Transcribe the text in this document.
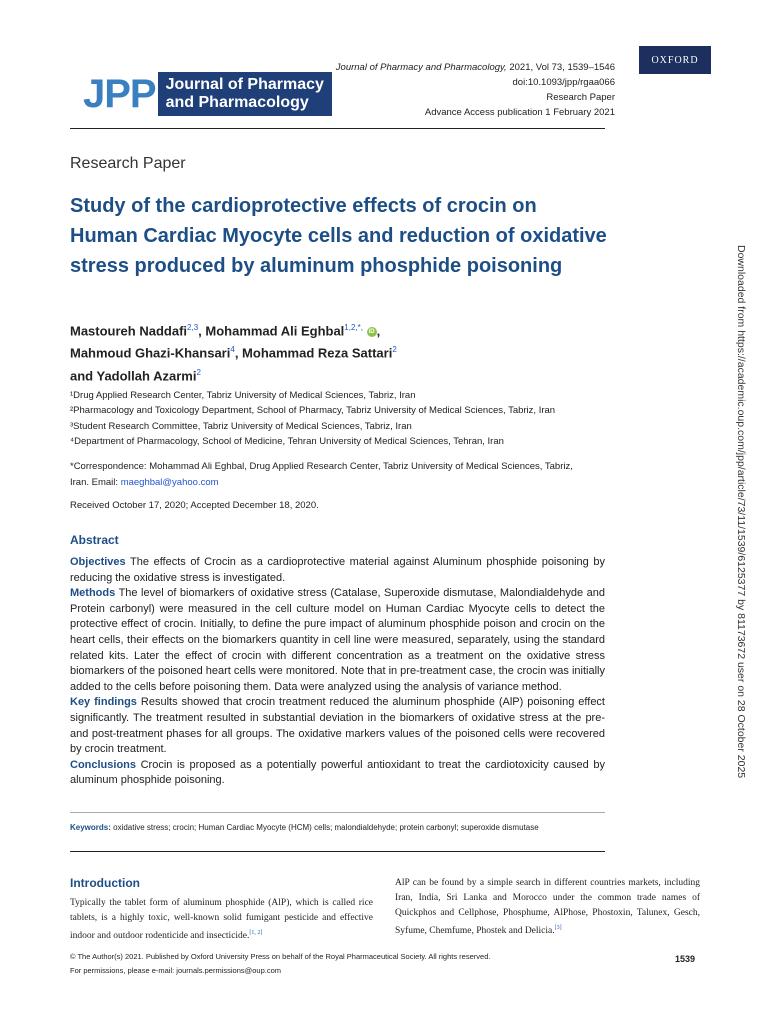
JPP Journal of Pharmacy
and Pharmacology
Journal of Pharmacy and Pharmacology, 2021, Vol 73, 1539–1546
doi:10.1093/jpp/rgaa066
Research Paper
Advance Access publication 1 February 2021
OXFORD
Research Paper
Study of the cardioprotective effects of crocin on Human Cardiac Myocyte cells and reduction of oxidative stress produced by aluminum phosphide poisoning
Mastoureh Naddafi$^{2,3}$, Mohammad Ali Eghbal$^{1,2,*,}$ iD ,
Mahmoud Ghazi-Khansari$^4$, Mohammad Reza Sattari$^2$
and Yadollah Azarmi$^2$
¹Drug Applied Research Center, Tabriz University of Medical Sciences, Tabriz, Iran
²Pharmacology and Toxicology Department, School of Pharmacy, Tabriz University of Medical Sciences, Tabriz, Iran
³Student Research Committee, Tabriz University of Medical Sciences, Tabriz, Iran
⁴Department of Pharmacology, School of Medicine, Tehran University of Medical Sciences, Tehran, Iran
*Correspondence: Mohammad Ali Eghbal, Drug Applied Research Center, Tabriz University of Medical Sciences, Tabriz,
Iran. Email: maeghbal@yahoo.com
Received October 17, 2020; Accepted December 18, 2020.
Abstract

Objectives The effects of Crocin as a cardioprotective material against Aluminum phosphide poisoning by reducing the oxidative stress is investigated.

Methods The level of biomarkers of oxidative stress (Catalase, Superoxide dismutase, Malondialdehyde and Protein carbonyl) were measured in the cell culture model on Human Cardiac Myocyte cells to detect the protective effect of crocin. Initially, to define the pure impact of aluminum phosphide poison and crocin on the heart cells, their effects on the biomarkers quantity in cell line were measured, separately, using the standard related kits. Later the effect of crocin with different concentration as a treatment on the oxidative stress biomarkers of the poisoned heart cells were monitored. Note that in pre-treatment case, the crocin was initially added to the cells before poisoning them. Data were analyzed using the analysis of variance method.

Key findings Results showed that crocin treatment reduced the aluminum phosphide (AlP) poisoning effect significantly. The treatment resulted in substantial deviation in the biomarkers of oxidative stress at the pre- and post-treatment phases for all groups. The oxidative markers values of the poisoned cells were recovered by crocin treatment.

Conclusions Crocin is proposed as a potentially powerful antioxidant to treat the cardiotoxicity caused by aluminum phosphide poisoning.

Keywords: oxidative stress; crocin; Human Cardiac Myocyte (HCM) cells; malondialdehyde; protein carbonyl; superoxide dismutase
Introduction
Typically the tablet form of aluminum phosphide (AlP), which is called rice tablets, is a highly toxic, well-known solid fumigant pesticide and effective indoor and outdoor rodenticide and insecticide.[1, 2]
AlP can be found by a simple search in different countries markets, including Iran, India, Sri Lanka and Morocco under the common trade names of Quickphos and Cellphose, Phosphume, AlPhose, Phostoxin, Talunex, Gesch, Syfume, Chemfume, Phostek and Delicia.[3]
© The Author(s) 2021. Published by Oxford University Press on behalf of the Royal Pharmaceutical Society. All rights reserved.
For permissions, please e-mail: journals.permissions@oup.com
1539
Downloaded from https://academic.oup.com/jpp/article/73/11/1539/6125377 by 81173672 user on 28 October 2025
